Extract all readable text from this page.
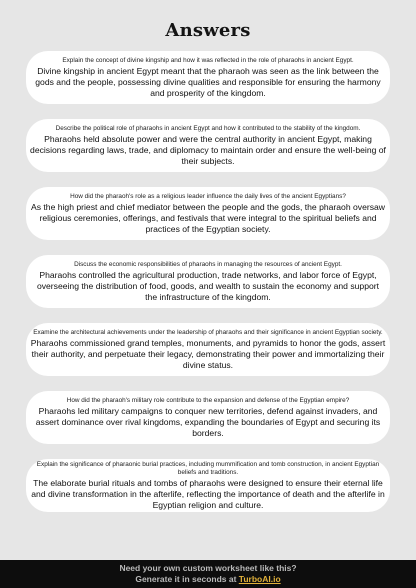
Answers
Explain the concept of divine kingship and how it was reflected in the role of pharaohs in ancient Egypt.
Divine kingship in ancient Egypt meant that the pharaoh was seen as the link between the gods and the people, possessing divine qualities and responsible for ensuring the harmony and prosperity of the kingdom.
Describe the political role of pharaohs in ancient Egypt and how it contributed to the stability of the kingdom.
Pharaohs held absolute power and were the central authority in ancient Egypt, making decisions regarding laws, trade, and diplomacy to maintain order and ensure the well-being of their subjects.
How did the pharaoh's role as a religious leader influence the daily lives of the ancient Egyptians?
As the high priest and chief mediator between the people and the gods, the pharaoh oversaw religious ceremonies, offerings, and festivals that were integral to the spiritual beliefs and practices of the Egyptian society.
Discuss the economic responsibilities of pharaohs in managing the resources of ancient Egypt.
Pharaohs controlled the agricultural production, trade networks, and labor force of Egypt, overseeing the distribution of food, goods, and wealth to sustain the economy and support the infrastructure of the kingdom.
Examine the architectural achievements under the leadership of pharaohs and their significance in ancient Egyptian society.
Pharaohs commissioned grand temples, monuments, and pyramids to honor the gods, assert their authority, and perpetuate their legacy, demonstrating their power and immortalizing their divine status.
How did the pharaoh's military role contribute to the expansion and defense of the Egyptian empire?
Pharaohs led military campaigns to conquer new territories, defend against invaders, and assert dominance over rival kingdoms, expanding the boundaries of Egypt and securing its borders.
Explain the significance of pharaonic burial practices, including mummification and tomb construction, in ancient Egyptian beliefs and traditions.
The elaborate burial rituals and tombs of pharaohs were designed to ensure their eternal life and divine transformation in the afterlife, reflecting the importance of death and the afterlife in Egyptian religion and culture.
Need your own custom worksheet like this?
Generate it in seconds at TurboAI.io
